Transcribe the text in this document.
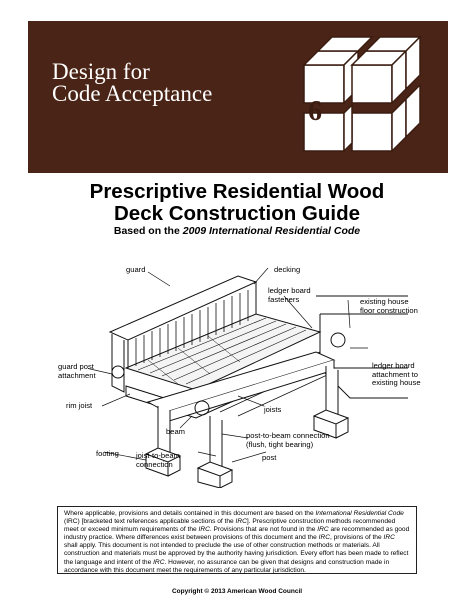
Design for
Code Acceptance
6
Prescriptive Residential Wood
Deck Construction Guide
Based on the 2009 International Residential Code
guard	decking
ledger board
fasteners	existing house
floor construction
guard post
attachment
ledger board
attachment to
existing house
rim joist	joists
beam	post-to-beam connection
(flush, tight bearing)
footing joist-to-beam
connection
post
Where applicable, provisions and details contained in this document are based on the International Residential Code (IRC) [bracketed text references applicable sections of the IRC]. Prescriptive construction methods recommended meet or exceed minimum requirements of the IRC. Provisions that are not found in the IRC are recommended as good industry practice. Where differences exist between provisions of this document and the IRC, provisions of the IRC shall apply. This document is not intended to preclude the use of other construction methods or materials. All construction and materials must be approved by the authority having jurisdiction. Every effort has been made to reflect the language and intent of the IRC. However, no assurance can be given that designs and construction made in accordance with this document meet the requirements of any particular jurisdiction.
Copyright © 2013 American Wood Council
